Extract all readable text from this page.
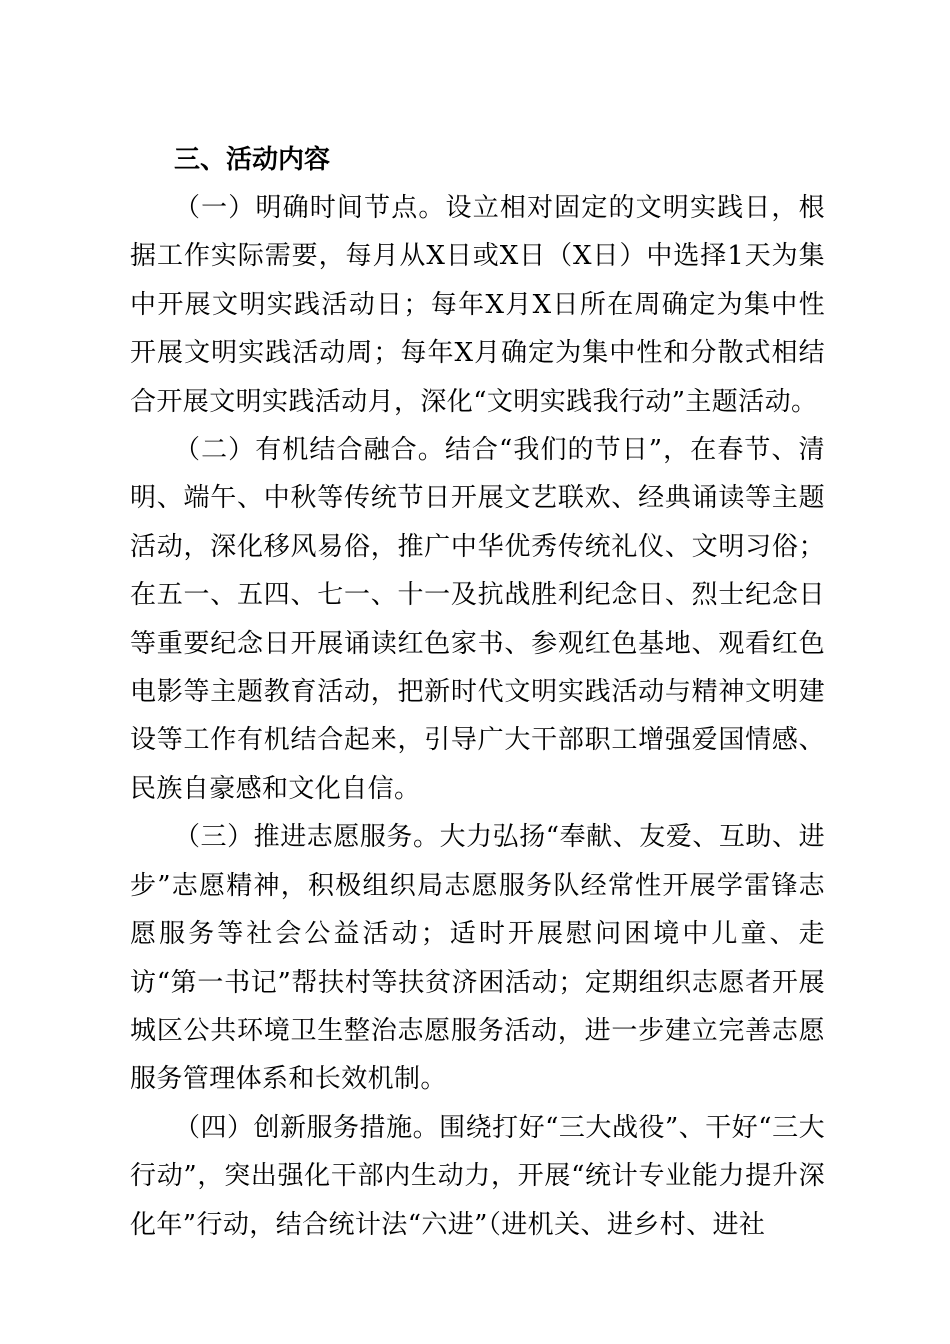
三、活动内容

（一）明确时间节点。设立相对固定的文明实践日，根据工作实际需要，每月从X日或X日（X日）中选择1天为集中开展文明实践活动日；每年X月X日所在周确定为集中性开展文明实践活动周；每年X月确定为集中性和分散式相结合开展文明实践活动月，深化“文明实践我行动”主题活动。

（二）有机结合融合。结合“我们的节日”，在春节、清明、端午、中秋等传统节日开展文艺联欢、经典诵读等主题活动，深化移风易俗，推广中华优秀传统礼仪、文明习俗；在五一、五四、七一、十一及抗战胜利纪念日、烈士纪念日等重要纪念日开展诵读红色家书、参观红色基地、观看红色电影等主题教育活动，把新时代文明实践活动与精神文明建设等工作有机结合起来，引导广大干部职工增强爱国情感、民族自豪感和文化自信。

（三）推进志愿服务。大力弘扬“奉献、友爱、互助、进步”志愿精神，积极组织局志愿服务队经常性开展学雷锋志愿服务等社会公益活动；适时开展慰问困境中儿童、走访“第一书记”帮扶村等扶贫济困活动；定期组织志愿者开展城区公共环境卫生整治志愿服务活动，进一步建立完善志愿服务管理体系和长效机制。

（四）创新服务措施。围绕打好“三大战役”、干好“三大行动”，突出强化干部内生动力，开展“统计专业能力提升深化年”行动，结合统计法“六进”（进机关、进乡村、进社
